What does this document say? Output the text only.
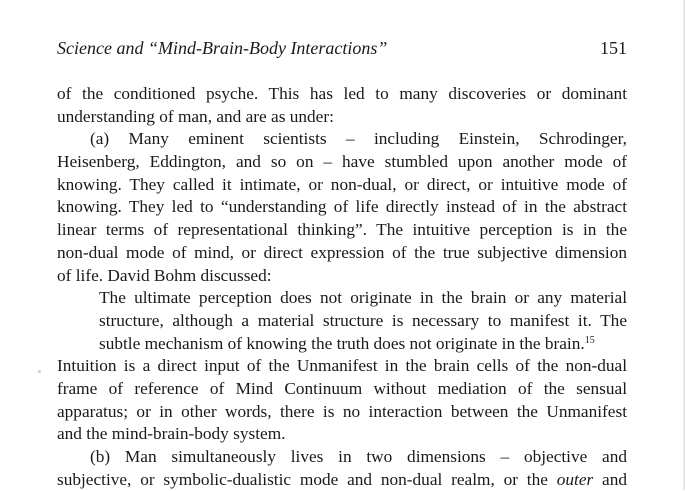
Science and “Mind-Brain-Body Interactions”	151
of the conditioned psyche. This has led to many discoveries or dominant
understanding of man, and are as under:
(a) Many eminent scientists – including Einstein, Schrodinger,
Heisenberg, Eddington, and so on – have stumbled upon another mode of
knowing. They called it intimate, or non-dual, or direct, or intuitive mode of
knowing. They led to “understanding of life directly instead of in the abstract
linear terms of representational thinking”. The intuitive perception is in the
non-dual mode of mind, or direct expression of the true subjective dimension
of life. David Bohm discussed:
The ultimate perception does not originate in the brain or any material
structure, although a material structure is necessary to manifest it. The
subtle mechanism of knowing the truth does not originate in the brain.$^{15}$
Intuition is a direct input of the Unmanifest in the brain cells of the non-dual
frame of reference of Mind Continuum without mediation of the sensual
apparatus; or in other words, there is no interaction between the Unmanifest
and the mind-brain-body system.
(b) Man simultaneously lives in two dimensions – objective and
subjective, or symbolic-dualistic mode and non-dual realm, or the outer and
